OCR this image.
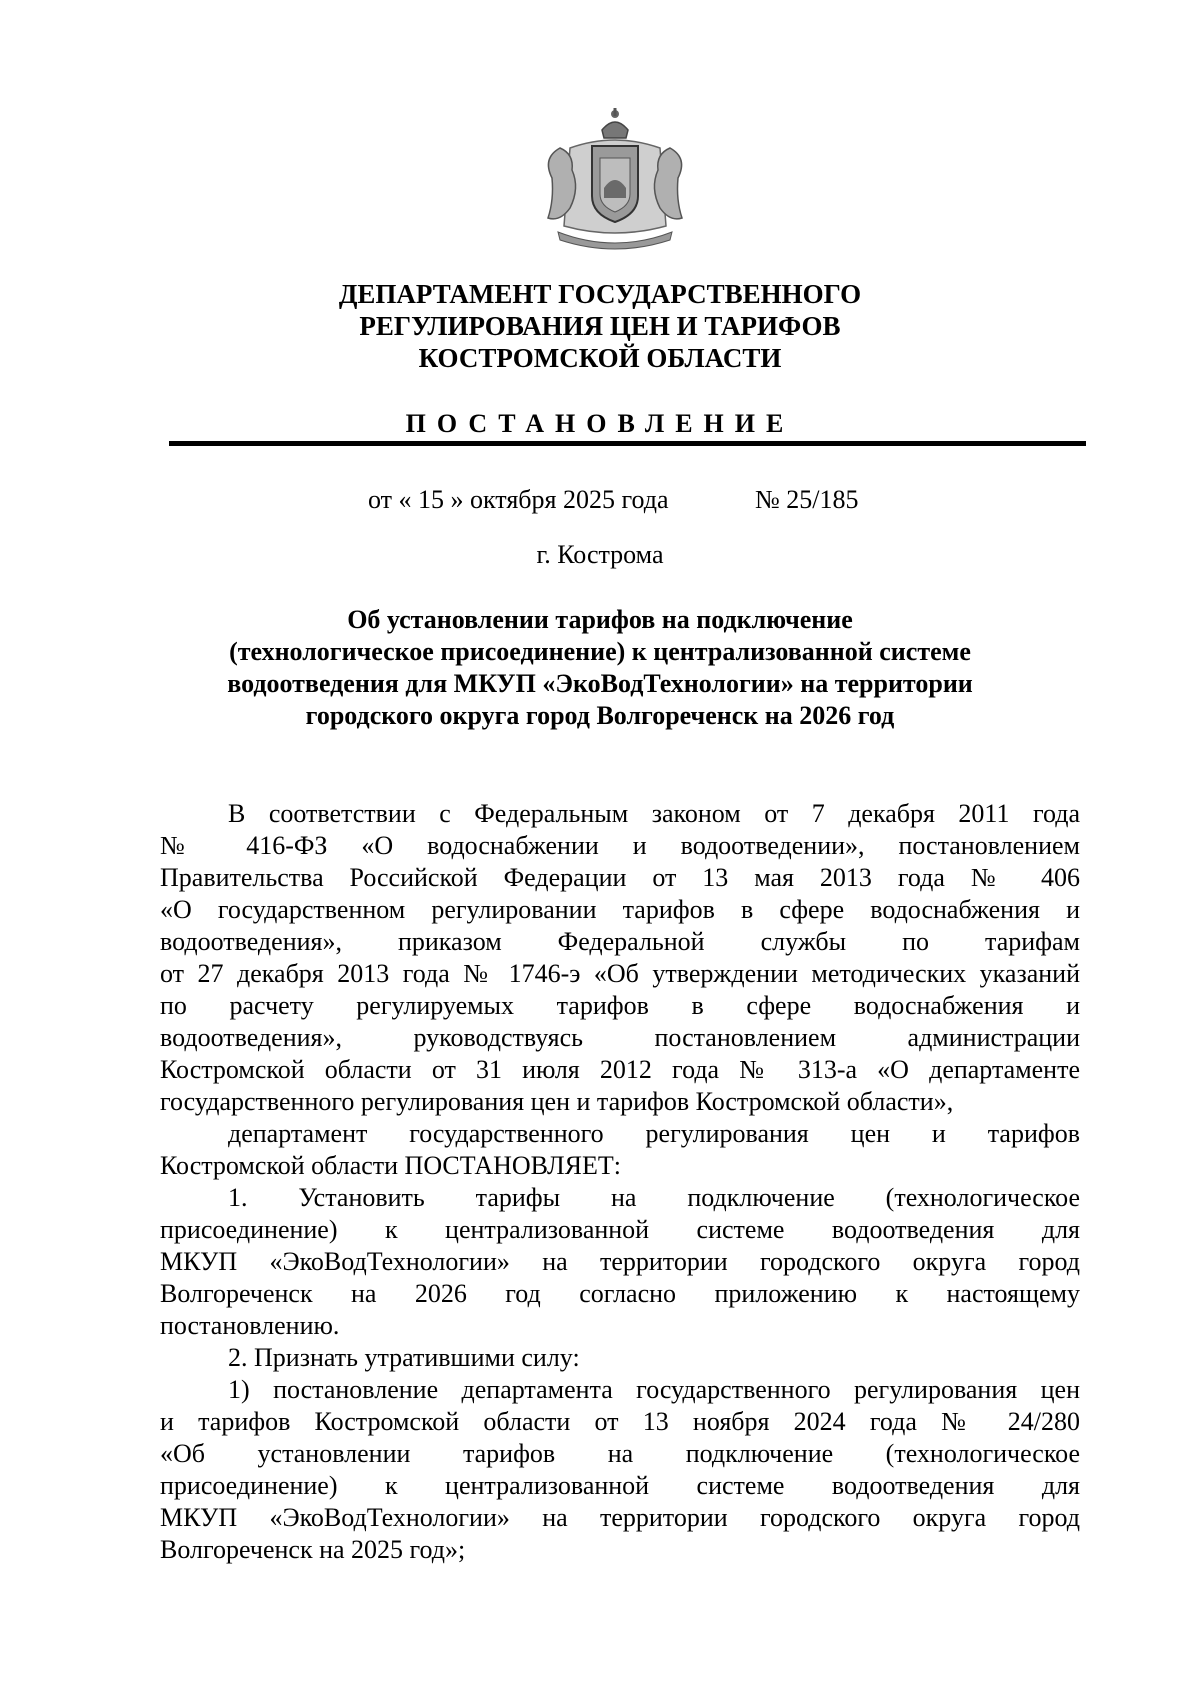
ДЕПАРТАМЕНТ ГОСУДАРСТВЕННОГО
РЕГУЛИРОВАНИЯ ЦЕН И ТАРИФОВ
КОСТРОМСКОЙ ОБЛАСТИ
ПОСТАНОВЛЕНИЕ
от « 15 » октября 2025 года	№ 25/185
г. Кострома
Об установлении тарифов на подключение
(технологическое присоединение) к централизованной системе
водоотведения для МКУП «ЭкоВодТехнологии» на территории
городского округа город Волгореченск на 2026 год
В соответствии с Федеральным законом от 7 декабря 2011 года
№ 416-ФЗ «О водоснабжении и водоотведении», постановлением
Правительства Российской Федерации от 13 мая 2013 года № 406
«О государственном регулировании тарифов в сфере водоснабжения и
водоотведения», приказом Федеральной службы по тарифам
от 27 декабря 2013 года № 1746-э «Об утверждении методических указаний
по расчету регулируемых тарифов в сфере водоснабжения и
водоотведения», руководствуясь постановлением администрации
Костромской области от 31 июля 2012 года № 313-а «О департаменте
государственного регулирования цен и тарифов Костромской области»,
департамент государственного регулирования цен и тарифов
Костромской области ПОСТАНОВЛЯЕТ:
1. Установить тарифы на подключение (технологическое
присоединение) к централизованной системе водоотведения для
МКУП «ЭкоВодТехнологии» на территории городского округа город
Волгореченск на 2026 год согласно приложению к настоящему
постановлению.
2. Признать утратившими силу:
1) постановление департамента государственного регулирования цен
и тарифов Костромской области от 13 ноября 2024 года № 24/280
«Об установлении тарифов на подключение (технологическое
присоединение) к централизованной системе водоотведения для
МКУП «ЭкоВодТехнологии» на территории городского округа город
Волгореченск на 2025 год»;
